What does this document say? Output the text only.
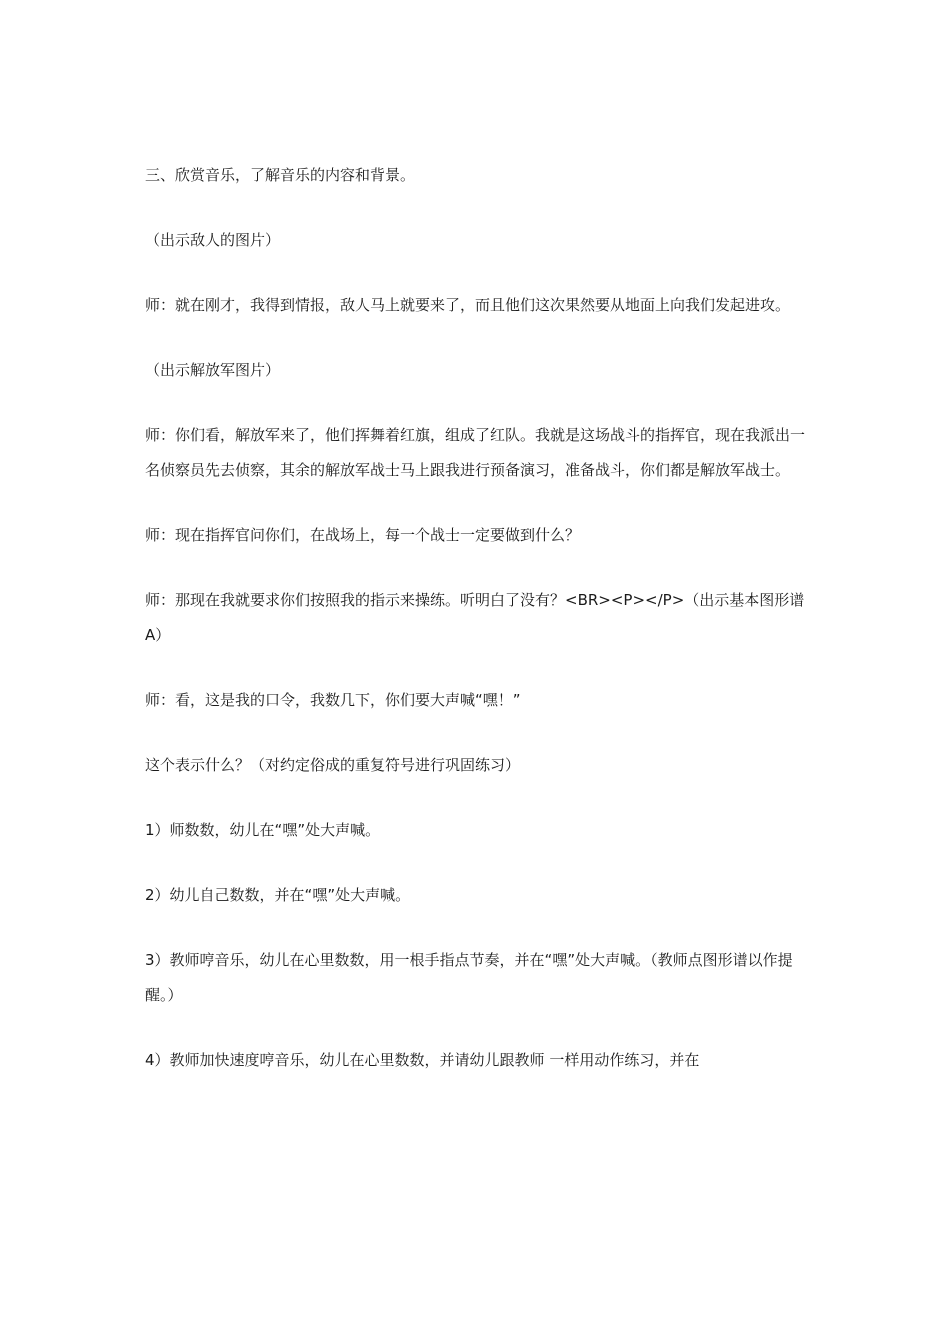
三、欣赏音乐，了解音乐的内容和背景。

（出示敌人的图片）

师：就在刚才，我得到情报，敌人马上就要来了，而且他们这次果然要从地面上向我们发起进攻。

（出示解放军图片）

师：你们看，解放军来了，他们挥舞着红旗，组成了红队。我就是这场战斗的指挥官，现在我派出一名侦察员先去侦察，其余的解放军战士马上跟我进行预备演习，准备战斗，你们都是解放军战士。

师：现在指挥官问你们，在战场上，每一个战士一定要做到什么？

师：那现在我就要求你们按照我的指示来操练。听明白了没有？<BR><P></P>（出示基本图形谱 A）

师：看，这是我的口令，我数几下，你们要大声喊“嘿！”

这个表示什么？（对约定俗成的重复符号进行巩固练习）

1）师数数，幼儿在“嘿”处大声喊。

2）幼儿自己数数，并在“嘿”处大声喊。

3）教师哼音乐，幼儿在心里数数，用一根手指点节奏，并在“嘿”处大声喊。（教师点图形谱以作提醒。）

4）教师加快速度哼音乐，幼儿在心里数数，并请幼儿跟教师 一样用动作练习，并在
